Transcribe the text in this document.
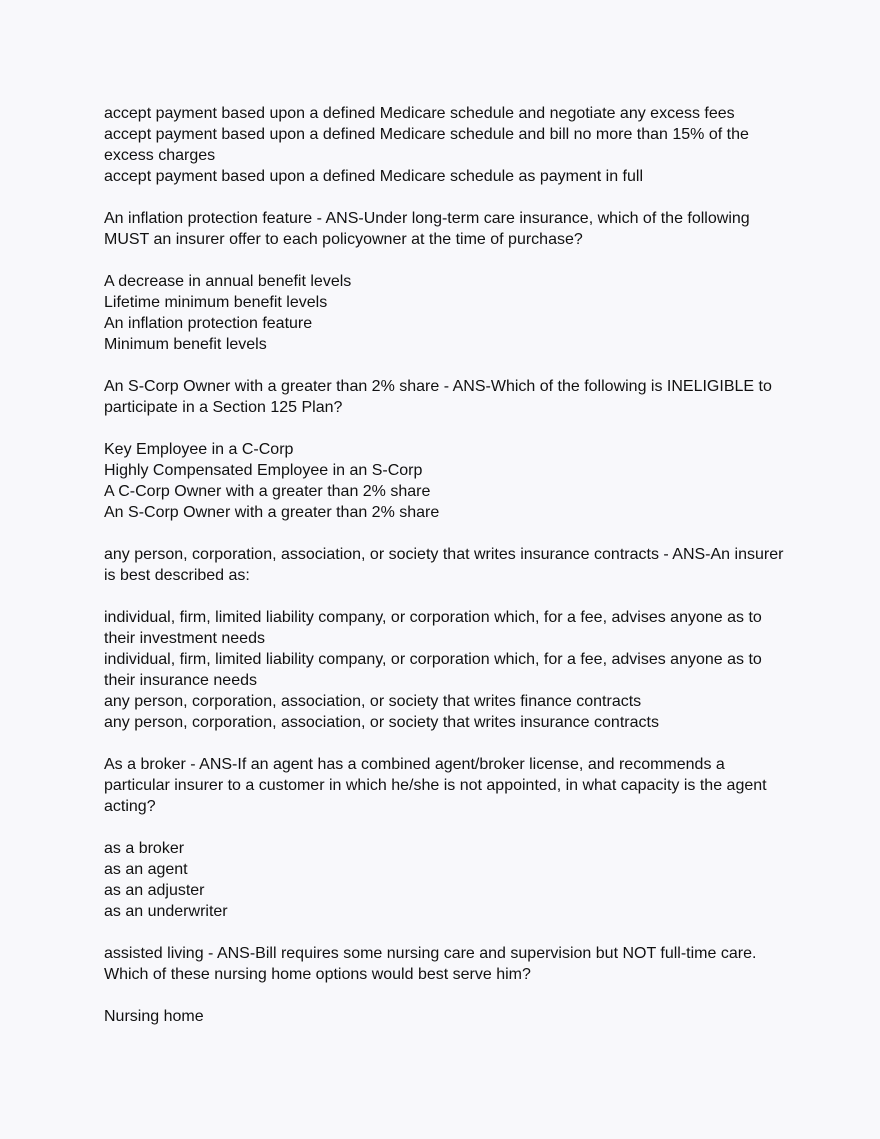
accept payment based upon a defined Medicare schedule and negotiate any excess fees
accept payment based upon a defined Medicare schedule and bill no more than 15% of the excess charges
accept payment based upon a defined Medicare schedule as payment in full
An inflation protection feature - ANS-Under long-term care insurance, which of the following MUST an insurer offer to each policyowner at the time of purchase?
A decrease in annual benefit levels
Lifetime minimum benefit levels
An inflation protection feature
Minimum benefit levels
An S-Corp Owner with a greater than 2% share - ANS-Which of the following is INELIGIBLE to participate in a Section 125 Plan?
Key Employee in a C-Corp
Highly Compensated Employee in an S-Corp
A C-Corp Owner with a greater than 2% share
An S-Corp Owner with a greater than 2% share
any person, corporation, association, or society that writes insurance contracts - ANS-An insurer is best described as:
individual, firm, limited liability company, or corporation which, for a fee, advises anyone as to their investment needs
individual, firm, limited liability company, or corporation which, for a fee, advises anyone as to their insurance needs
any person, corporation, association, or society that writes finance contracts
any person, corporation, association, or society that writes insurance contracts
As a broker - ANS-If an agent has a combined agent/broker license, and recommends a particular insurer to a customer in which he/she is not appointed, in what capacity is the agent acting?
as a broker
as an agent
as an adjuster
as an underwriter
assisted living - ANS-Bill requires some nursing care and supervision but NOT full-time care. Which of these nursing home options would best serve him?
Nursing home
